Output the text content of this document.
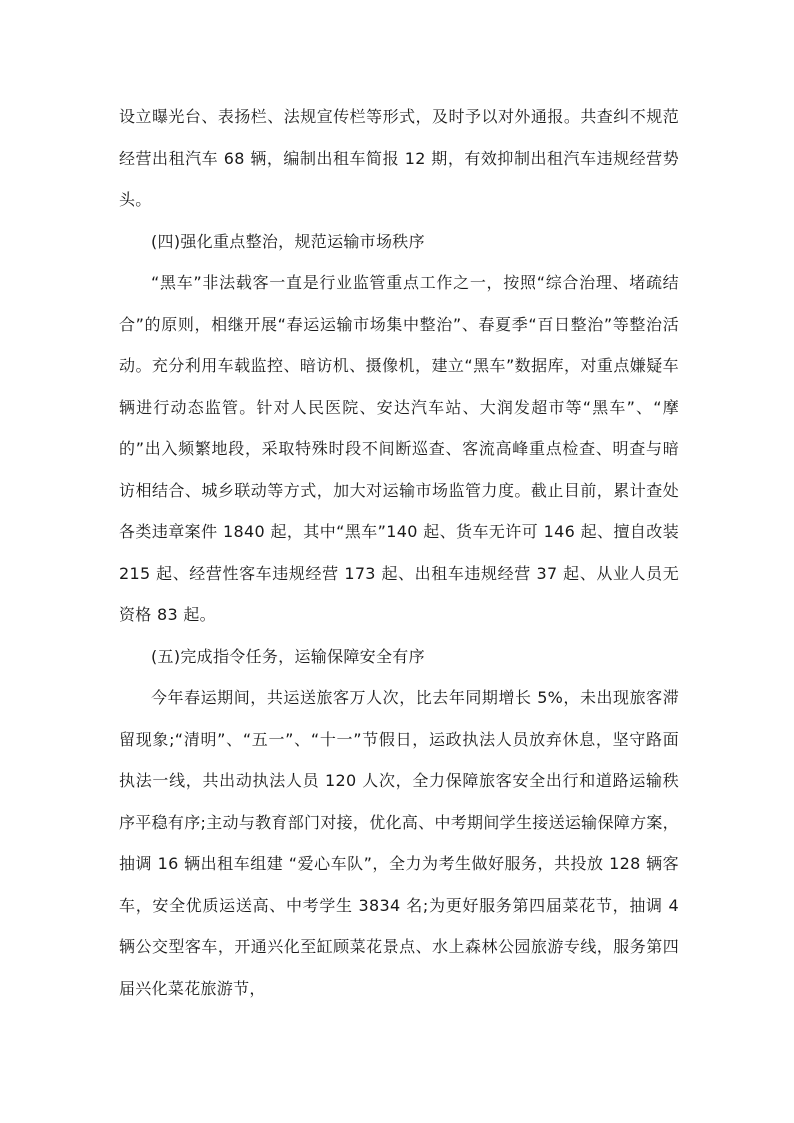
设立曝光台、表扬栏、法规宣传栏等形式，及时予以对外通报。共查纠不规范经营出租汽车 68 辆，编制出租车简报 12 期，有效抑制出租汽车违规经营势头。

(四)强化重点整治，规范运输市场秩序

“黑车”非法载客一直是行业监管重点工作之一，按照“综合治理、堵疏结合”的原则，相继开展“春运运输市场集中整治”、春夏季“百日整治”等整治活动。充分利用车载监控、暗访机、摄像机，建立“黑车”数据库，对重点嫌疑车辆进行动态监管。针对人民医院、安达汽车站、大润发超市等“黑车”、“摩的”出入频繁地段，采取特殊时段不间断巡查、客流高峰重点检查、明查与暗访相结合、城乡联动等方式，加大对运输市场监管力度。截止目前，累计查处各类违章案件 1840 起，其中“黑车”140 起、货车无许可 146 起、擅自改装 215 起、经营性客车违规经营 173 起、出租车违规经营 37 起、从业人员无资格 83 起。

(五)完成指令任务，运输保障安全有序

今年春运期间，共运送旅客万人次，比去年同期增长 5%，未出现旅客滞留现象;“清明”、“五一”、“十一”节假日，运政执法人员放弃休息，坚守路面执法一线，共出动执法人员 120 人次，全力保障旅客安全出行和道路运输秩序平稳有序;主动与教育部门对接，优化高、中考期间学生接送运输保障方案，抽调 16 辆出租车组建 “爱心车队”，全力为考生做好服务，共投放 128 辆客车，安全优质运送高、中考学生 3834 名;为更好服务第四届菜花节，抽调 4 辆公交型客车，开通兴化至缸顾菜花景点、水上森林公园旅游专线，服务第四届兴化菜花旅游节，
